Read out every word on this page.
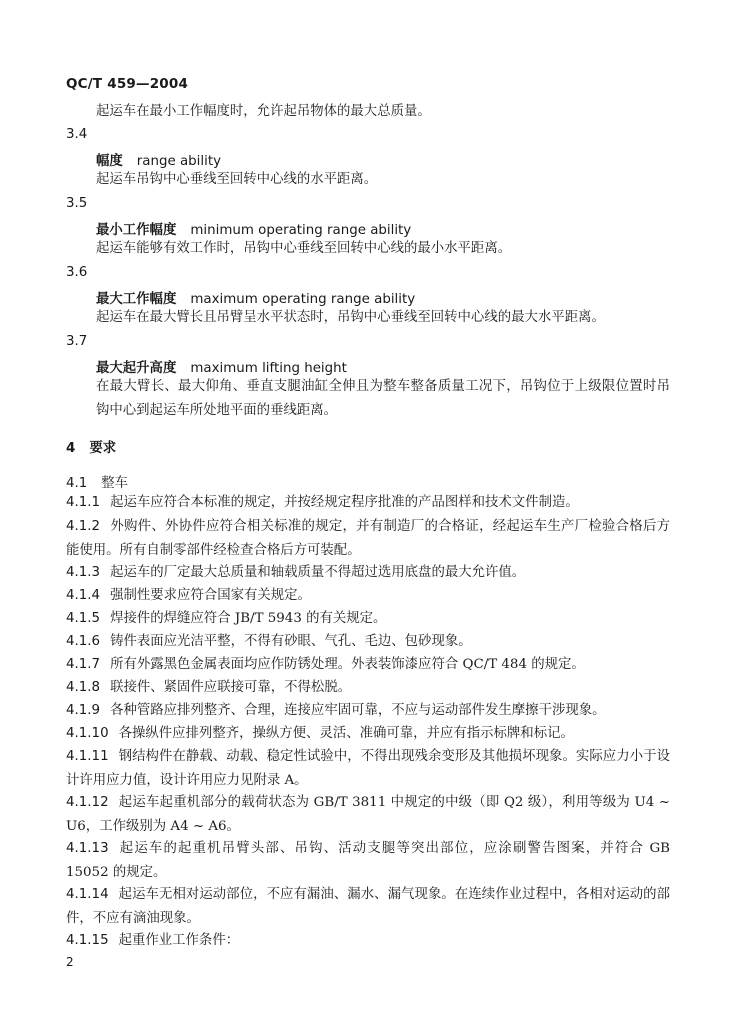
QC/T 459—2004
起运车在最小工作幅度时，允许起吊物体的最大总质量。
3.4
幅度 range ability
起运车吊钩中心垂线至回转中心线的水平距离。
3.5
最小工作幅度 minimum operating range ability
起运车能够有效工作时，吊钩中心垂线至回转中心线的最小水平距离。
3.6
最大工作幅度 maximum operating range ability
起运车在最大臂长且吊臂呈水平状态时，吊钩中心垂线至回转中心线的最大水平距离。
3.7
最大起升高度 maximum lifting height
在最大臂长、最大仰角、垂直支腿油缸全伸且为整车整备质量工况下，吊钩位于上级限位置时吊钩中心到起运车所处地平面的垂线距离。
4 要求
4.1 整车
4.1.1 起运车应符合本标准的规定，并按经规定程序批准的产品图样和技术文件制造。
4.1.2 外购件、外协件应符合相关标准的规定，并有制造厂的合格证，经起运车生产厂检验合格后方能使用。所有自制零部件经检查合格后方可装配。
4.1.3 起运车的厂定最大总质量和轴载质量不得超过选用底盘的最大允许值。
4.1.4 强制性要求应符合国家有关规定。
4.1.5 焊接件的焊缝应符合 JB/T 5943 的有关规定。
4.1.6 铸件表面应光洁平整，不得有砂眼、气孔、毛边、包砂现象。
4.1.7 所有外露黑色金属表面均应作防锈处理。外表装饰漆应符合 QC/T 484 的规定。
4.1.8 联接件、紧固件应联接可靠，不得松脱。
4.1.9 各种管路应排列整齐、合理，连接应牢固可靠，不应与运动部件发生摩擦干涉现象。
4.1.10 各操纵件应排列整齐，操纵方便、灵活、准确可靠，并应有指示标牌和标记。
4.1.11 钢结构件在静载、动载、稳定性试验中，不得出现残余变形及其他损坏现象。实际应力小于设计许用应力值，设计许用应力见附录 A。
4.1.12 起运车起重机部分的载荷状态为 GB/T 3811 中规定的中级（即 Q2 级），利用等级为 U4 ~ U6，工作级别为 A4 ~ A6。
4.1.13 起运车的起重机吊臂头部、吊钩、活动支腿等突出部位，应涂刷警告图案，并符合 GB 15052 的规定。
4.1.14 起运车无相对运动部位，不应有漏油、漏水、漏气现象。在连续作业过程中，各相对运动的部件，不应有滴油现象。
4.1.15 起重作业工作条件：
2
